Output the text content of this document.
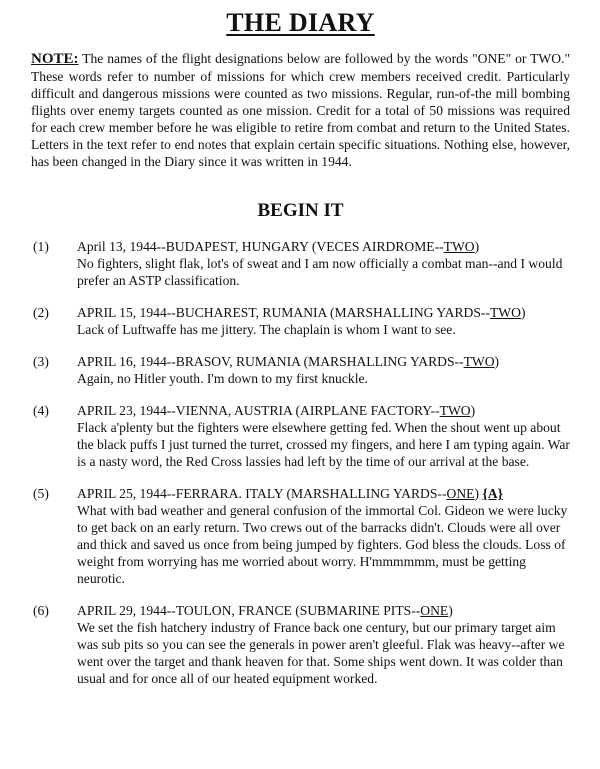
THE DIARY

NOTE: The names of the flight designations below are followed by the words "ONE" or TWO." These words refer to number of missions for which crew members received credit. Particularly difficult and dangerous missions were counted as two missions. Regular, run-of-the mill bombing flights over enemy targets counted as one mission. Credit for a total of 50 missions was required for each crew member before he was eligible to retire from combat and return to the United States. Letters in the text refer to end notes that explain certain specific situations. Nothing else, however, has been changed in the Diary since it was written in 1944.

BEGIN IT
(1)	April 13, 1944--BUDAPEST, HUNGARY (VECES AIRDROME--TWO)
No fighters, slight flak, lot's of sweat and I am now officially a combat man--and I would prefer an ASTP classification.
(2)	APRIL 15, 1944--BUCHAREST, RUMANIA (MARSHALLING YARDS--TWO)
Lack of Luftwaffe has me jittery. The chaplain is whom I want to see.
(3)	APRIL 16, 1944--BRASOV, RUMANIA (MARSHALLING YARDS--TWO)
Again, no Hitler youth. I'm down to my first knuckle.
(4)	APRIL 23, 1944--VIENNA, AUSTRIA (AIRPLANE FACTORY--TWO)
Flack a'plenty but the fighters were elsewhere getting fed. When the shout went up about the black puffs I just turned the turret, crossed my fingers, and here I am typing again. War is a nasty word, the Red Cross lassies had left by the time of our arrival at the base.
(5)	APRIL 25, 1944--FERRARA. ITALY (MARSHALLING YARDS--ONE) {A}
What with bad weather and general confusion of the immortal Col. Gideon we were lucky to get back on an early return. Two crews out of the barracks didn't. Clouds were all over and thick and saved us once from being jumped by fighters. God bless the clouds. Loss of weight from worrying has me worried about worry. H'mmmmmm, must be getting neurotic.
(6)	APRIL 29, 1944--TOULON, FRANCE (SUBMARINE PITS--ONE)
We set the fish hatchery industry of France back one century, but our primary target aim was sub pits so you can see the generals in power aren't gleeful. Flak was heavy--after we went over the target and thank heaven for that. Some ships went down. It was colder than usual and for once all of our heated equipment worked.
